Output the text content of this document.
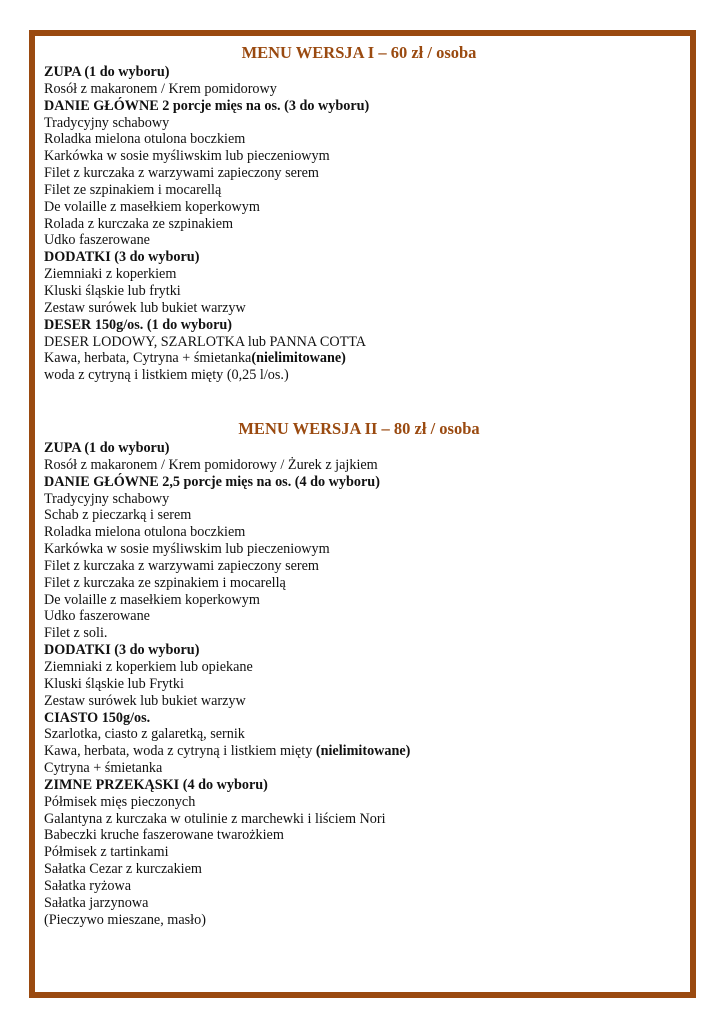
MENU WERSJA I – 60 zł / osoba
ZUPA (1 do wyboru)
Rosół z makaronem / Krem pomidorowy
DANIE GŁÓWNE 2 porcje mięs na os. (3 do wyboru)
Tradycyjny schabowy
Roladka mielona otulona boczkiem
Karkówka w sosie myśliwskim lub pieczeniowym
Filet z kurczaka z warzywami zapieczony serem
Filet ze szpinakiem i mocarellą
De volaille z masełkiem koperkowym
Rolada z kurczaka ze szpinakiem
Udko faszerowane
DODATKI (3 do wyboru)
Ziemniaki z koperkiem
Kluski śląskie lub frytki
Zestaw surówek lub bukiet warzyw
DESER 150g/os. (1 do wyboru)
DESER LODOWY, SZARLOTKA lub PANNA COTTA
Kawa, herbata, Cytryna + śmietanka(nielimitowane)
woda z cytryną i listkiem mięty (0,25 l/os.)
MENU WERSJA II – 80 zł / osoba
ZUPA (1 do wyboru)
Rosół z makaronem / Krem pomidorowy / Żurek z jajkiem
DANIE GŁÓWNE 2,5 porcje mięs na os. (4 do wyboru)
Tradycyjny schabowy
Schab z pieczarką i serem
Roladka mielona otulona boczkiem
Karkówka w sosie myśliwskim lub pieczeniowym
Filet z kurczaka z warzywami zapieczony serem
Filet z kurczaka ze szpinakiem i mocarellą
De volaille z masełkiem koperkowym
Udko faszerowane
Filet z soli.
DODATKI (3 do wyboru)
Ziemniaki z koperkiem lub opiekane
Kluski śląskie lub Frytki
Zestaw surówek lub bukiet warzyw
CIASTO 150g/os.
Szarlotka, ciasto z galaretką, sernik
Kawa, herbata, woda z cytryną i listkiem mięty (nielimitowane)
Cytryna + śmietanka
ZIMNE PRZEKĄSKI (4 do wyboru)
Półmisek mięs pieczonych
Galantyna z kurczaka w otulinie z marchewki i liściem Nori
Babeczki kruche faszerowane twarożkiem
Półmisek z tartinkami
Sałatka Cezar z kurczakiem
Sałatka ryżowa
Sałatka jarzynowa
(Pieczywo mieszane, masło)
